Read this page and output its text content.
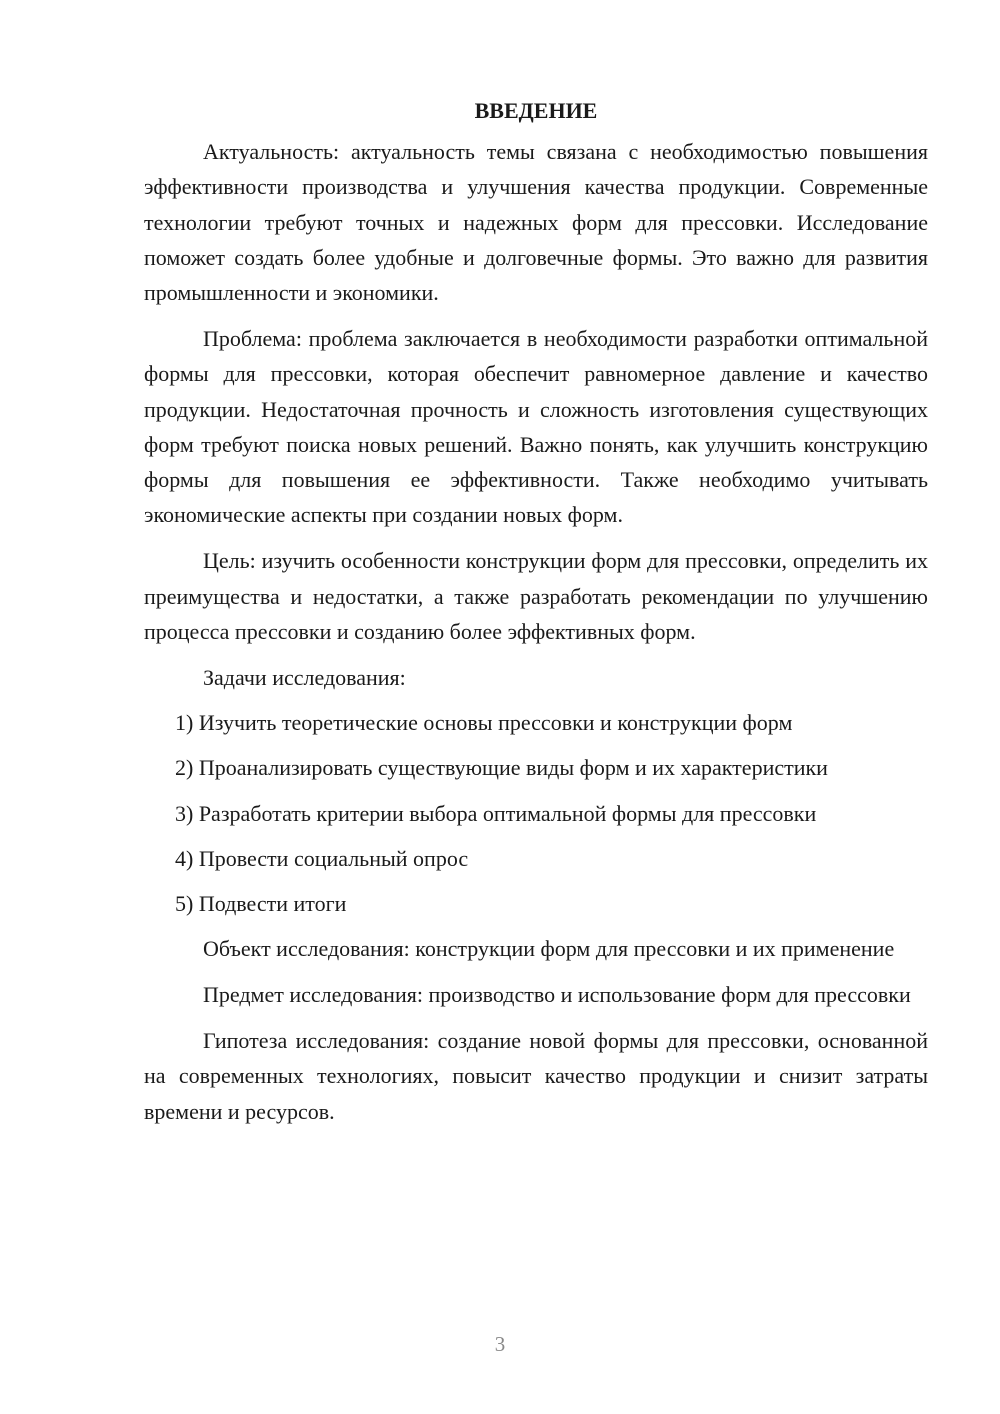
ВВЕДЕНИЕ

Актуальность: актуальность темы связана с необходимостью повышения эффективности производства и улучшения качества продукции. Современные технологии требуют точных и надежных форм для прессовки. Исследование поможет создать более удобные и долговечные формы. Это важно для развития промышленности и экономики.

Проблема: проблема заключается в необходимости разработки оптимальной формы для прессовки, которая обеспечит равномерное давление и качество продукции. Недостаточная прочность и сложность изготовления существующих форм требуют поиска новых решений. Важно понять, как улучшить конструкцию формы для повышения ее эффективности. Также необходимо учитывать экономические аспекты при создании новых форм.

Цель: изучить особенности конструкции форм для прессовки, определить их преимущества и недостатки, а также разработать рекомендации по улучшению процесса прессовки и созданию более эффективных форм.

Задачи исследования:

1) Изучить теоретические основы прессовки и конструкции форм
2) Проанализировать существующие виды форм и их характеристики
3) Разработать критерии выбора оптимальной формы для прессовки
4) Провести социальный опрос
5) Подвести итоги

Объект исследования: конструкции форм для прессовки и их применение

Предмет исследования: производство и использование форм для прессовки

Гипотеза исследования: создание новой формы для прессовки, основанной на современных технологиях, повысит качество продукции и снизит затраты времени и ресурсов.

3
